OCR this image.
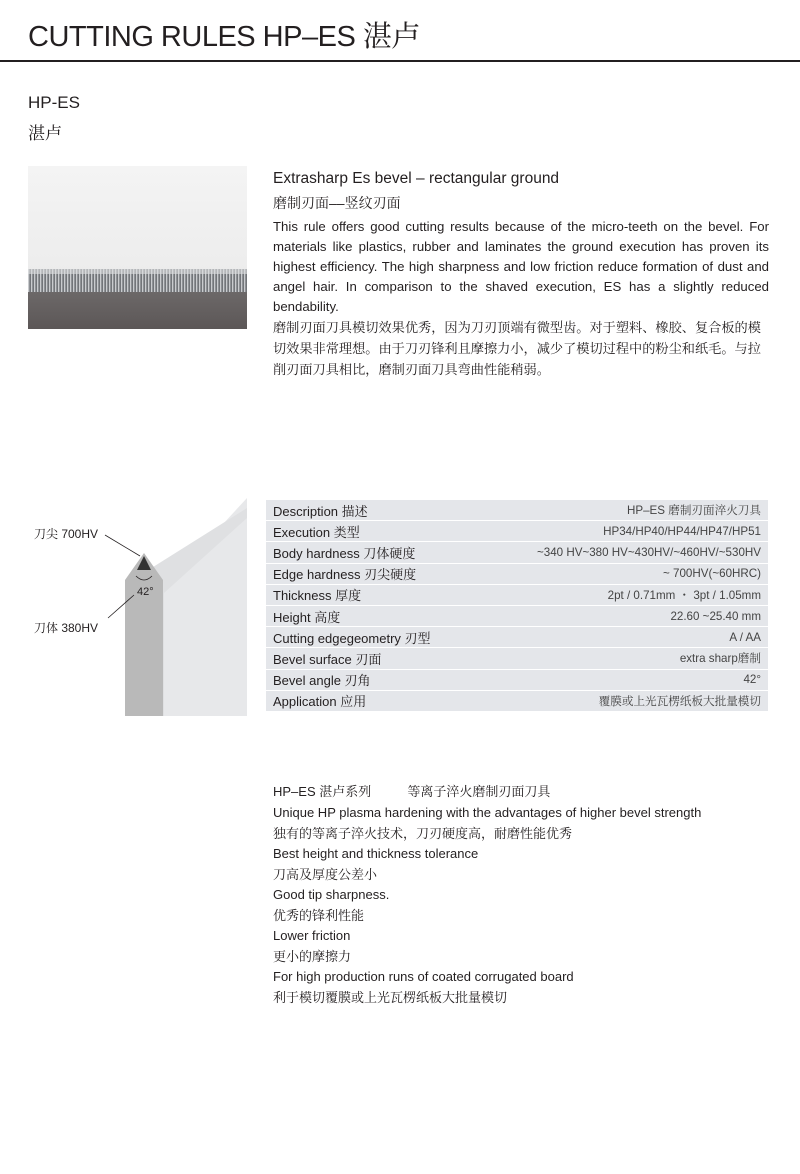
CUTTING RULES HP–ES 湛卢
HP-ES
湛卢
Extrasharp Es bevel – rectangular ground
磨制刃面––竖纹刃面

This rule offers good cutting results because of the micro-teeth on the bevel. For materials like plastics, rubber and laminates the ground execution has proven its highest efficiency. The high sharpness and low friction reduce formation of dust and angel hair. In comparison to the shaved execution, ES has a slightly reduced bendability.

磨制刃面刀具模切效果优秀，因为刀刃顶端有微型齿。对于塑料、橡胶、复合板的模切效果非常理想。由于刀刃锋利且摩擦力小，减少了模切过程中的粉尘和纸毛。与拉削刃面刀具相比，磨制刃面刀具弯曲性能稍弱。

刀尖 700HV
42°
刀体 380HV
Description 描述	HP–ES 磨制刃面淬火刀具
Execution 类型	HP34/HP40/HP44/HP47/HP51
Body hardness 刀体硬度	~340 HV~380 HV~430HV/~460HV/~530HV
Edge hardness 刃尖硬度	~ 700HV(~60HRC)
Thickness 厚度	2pt / 0.71mm ・ 3pt / 1.05mm
Height 高度	22.60 ~25.40 mm
Cutting edgegeometry 刃型	A / AA
Bevel surface 刃面	extra sharp磨制
Bevel angle 刃角	42°
Application 应用	覆膜或上光瓦楞纸板大批量模切
HP–ES 湛卢系列          等离子淬火磨制刃面刀具
Unique HP plasma hardening with the advantages of higher bevel strength
独有的等离子淬火技术，刀刃硬度高，耐磨性能优秀
Best height and thickness tolerance
刀高及厚度公差小
Good tip sharpness.
优秀的锋利性能
Lower friction
更小的摩擦力
For high production runs of coated corrugated board
利于模切覆膜或上光瓦楞纸板大批量模切
